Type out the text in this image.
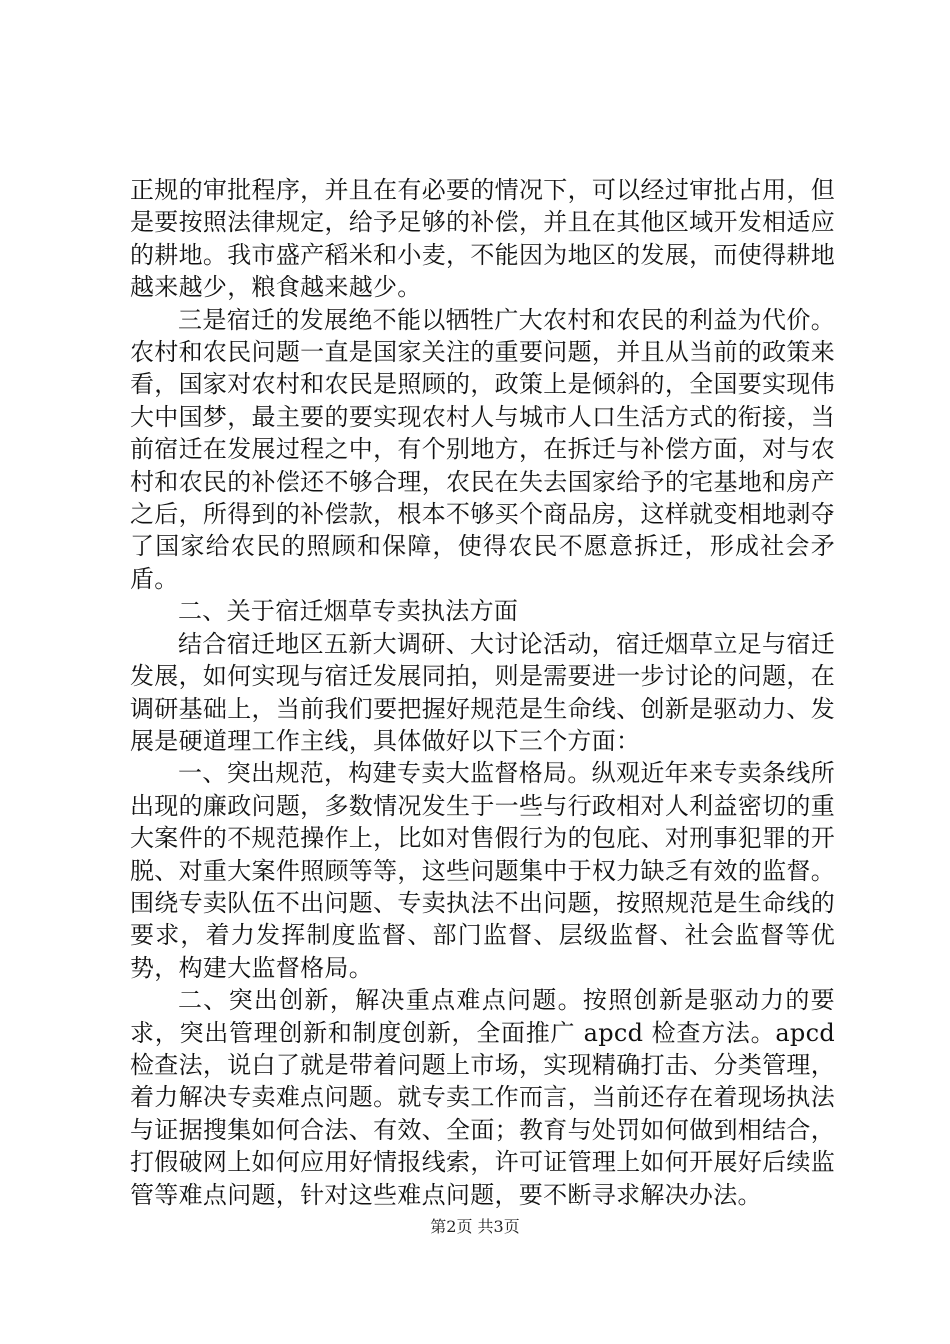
正规的审批程序，并且在有必要的情况下，可以经过审批占用，但是要按照法律规定，给予足够的补偿，并且在其他区域开发相适应的耕地。我市盛产稻米和小麦，不能因为地区的发展，而使得耕地越来越少，粮食越来越少。

三是宿迁的发展绝不能以牺牲广大农村和农民的利益为代价。农村和农民问题一直是国家关注的重要问题，并且从当前的政策来看，国家对农村和农民是照顾的，政策上是倾斜的，全国要实现伟大中国梦，最主要的要实现农村人与城市人口生活方式的衔接，当前宿迁在发展过程之中，有个别地方，在拆迁与补偿方面，对与农村和农民的补偿还不够合理，农民在失去国家给予的宅基地和房产之后，所得到的补偿款，根本不够买个商品房，这样就变相地剥夺了国家给农民的照顾和保障，使得农民不愿意拆迁，形成社会矛盾。

二、关于宿迁烟草专卖执法方面

结合宿迁地区五新大调研、大讨论活动，宿迁烟草立足与宿迁发展，如何实现与宿迁发展同拍，则是需要进一步讨论的问题，在调研基础上，当前我们要把握好规范是生命线、创新是驱动力、发展是硬道理工作主线，具体做好以下三个方面：

一、突出规范，构建专卖大监督格局。纵观近年来专卖条线所出现的廉政问题，多数情况发生于一些与行政相对人利益密切的重大案件的不规范操作上，比如对售假行为的包庇、对刑事犯罪的开脱、对重大案件照顾等等，这些问题集中于权力缺乏有效的监督。围绕专卖队伍不出问题、专卖执法不出问题，按照规范是生命线的要求，着力发挥制度监督、部门监督、层级监督、社会监督等优势，构建大监督格局。

二、突出创新，解决重点难点问题。按照创新是驱动力的要求，突出管理创新和制度创新，全面推广 apcd 检查方法。apcd 检查法，说白了就是带着问题上市场，实现精确打击、分类管理，着力解决专卖难点问题。就专卖工作而言，当前还存在着现场执法与证据搜集如何合法、有效、全面；教育与处罚如何做到相结合，打假破网上如何应用好情报线索，许可证管理上如何开展好后续监管等难点问题，针对这些难点问题，要不断寻求解决办法。

第2页 共3页
